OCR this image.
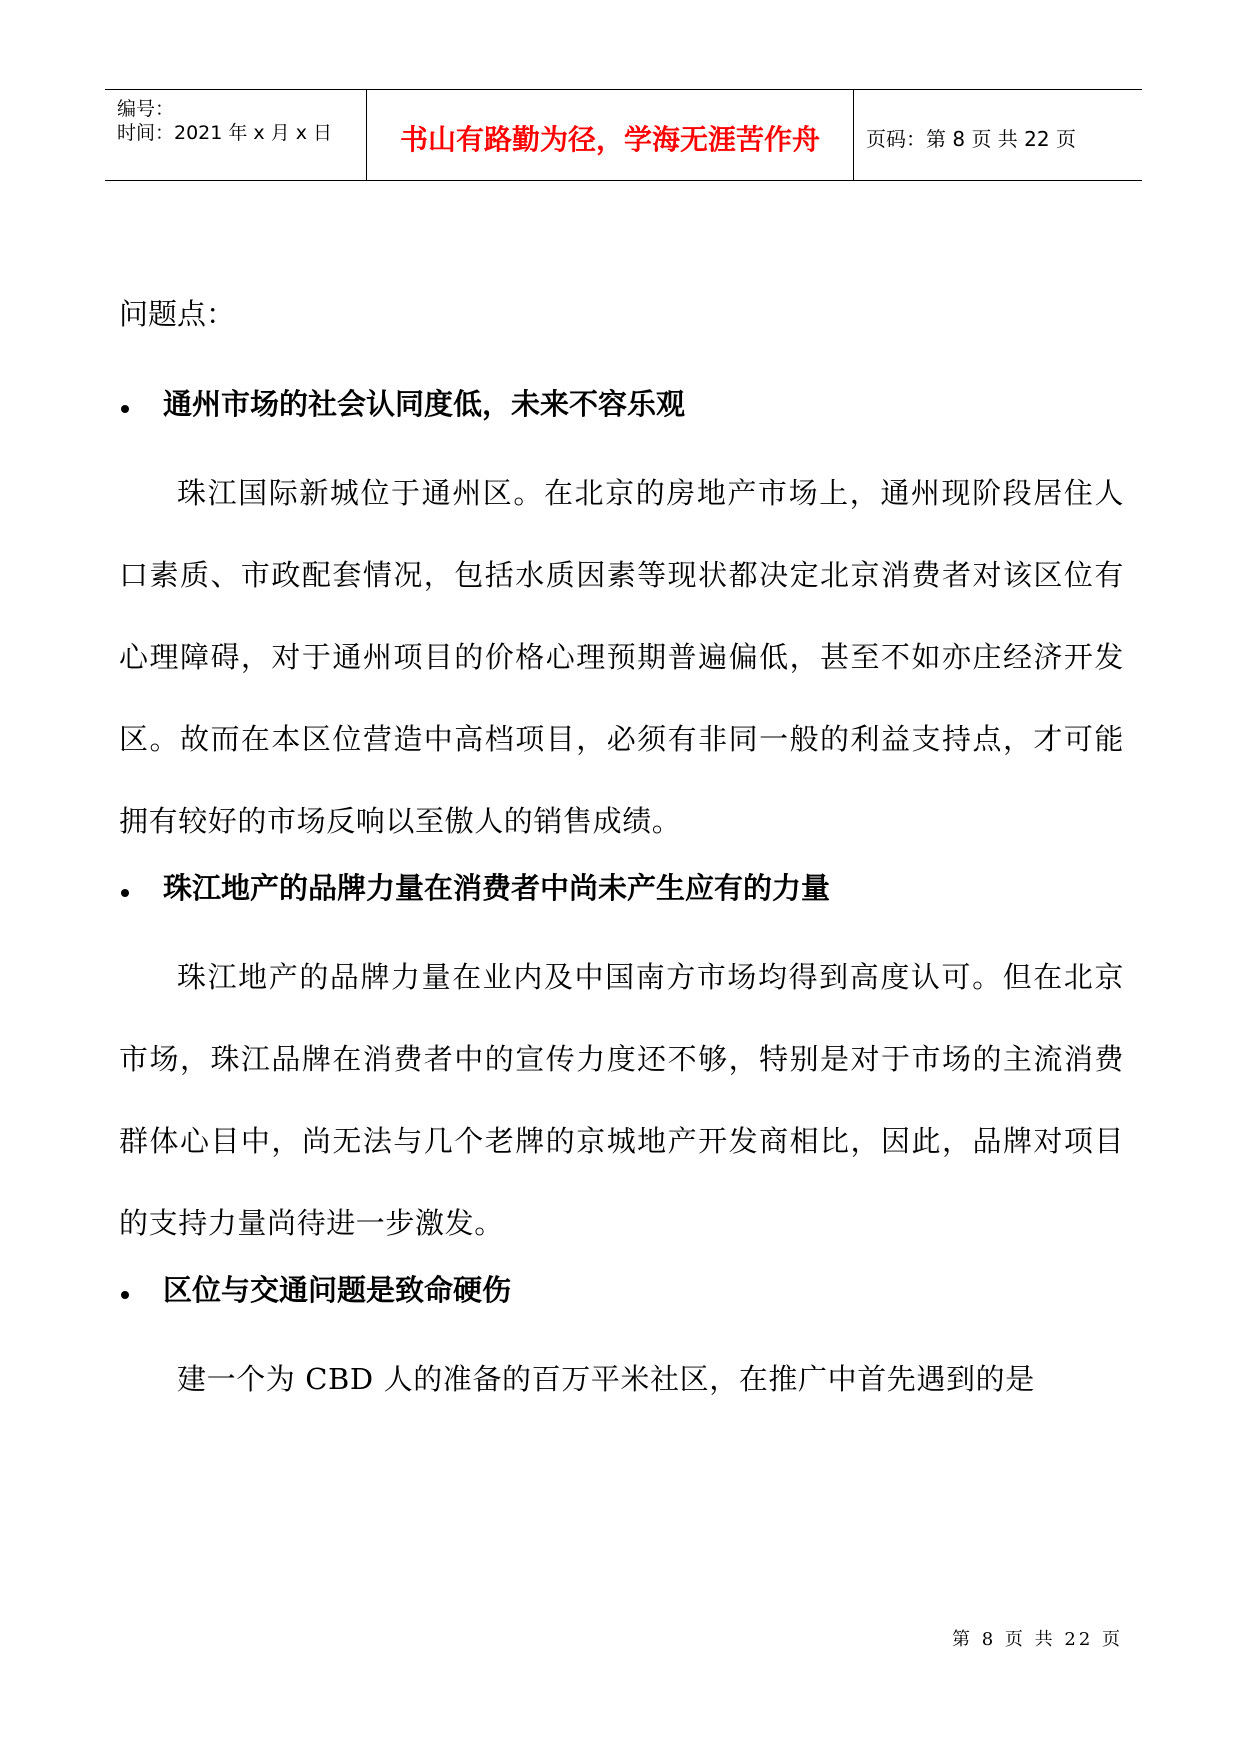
编号：
时间：2021 年 x 月 x 日	书山有路勤为径，学海无涯苦作舟	页码：第 8 页 共 22 页
问题点：
通州市场的社会认同度低，未来不容乐观

珠江国际新城位于通州区。在北京的房地产市场上，通州现阶段居住人口素质、市政配套情况，包括水质因素等现状都决定北京消费者对该区位有心理障碍，对于通州项目的价格心理预期普遍偏低，甚至不如亦庄经济开发区。故而在本区位营造中高档项目，必须有非同一般的利益支持点，才可能拥有较好的市场反响以至傲人的销售成绩。

珠江地产的品牌力量在消费者中尚未产生应有的力量

珠江地产的品牌力量在业内及中国南方市场均得到高度认可。但在北京市场，珠江品牌在消费者中的宣传力度还不够，特别是对于市场的主流消费群体心目中，尚无法与几个老牌的京城地产开发商相比，因此，品牌对项目的支持力量尚待进一步激发。

区位与交通问题是致命硬伤

建一个为 CBD 人的准备的百万平米社区，在推广中首先遇到的是

第 8 页 共 22 页
